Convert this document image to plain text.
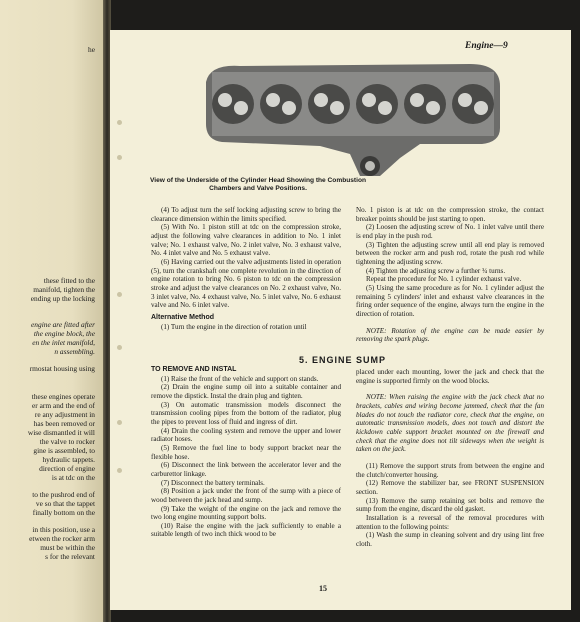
he
these fitted to the
manifold, tighten the
ending up the locking
engine are fitted after
the engine block, the
en the inlet manifold,
n assembling.
rmostat housing using
these engines operate
er arm and the end of
re any adjustment in
has been removed or
wise dismantled it will
the valve to rocker
gine is assembled, to
hydraulic tappets.
direction of engine
is at tdc on the
to the pushrod end of
ve so that the tappet
finally bottom on the
in this position, use a
etween the rocker arm
must be within the
s for the relevant
Engine—9
View of the Underside of the Cylinder Head Showing the Combustion Chambers and Valve Positions.

(4) To adjust turn the self locking adjusting screw to bring the clearance dimension within the limits specified.

(5) With No. 1 piston still at tdc on the compression stroke, adjust the following valve clearances in addition to No. 1 inlet valve; No. 1 exhaust valve, No. 2 inlet valve, No. 3 exhaust valve, No. 4 inlet valve and No. 5 exhaust valve.

(6) Having carried out the valve adjustments listed in operation (5), turn the crankshaft one complete revolution in the direction of engine rotation to bring No. 6 piston to tdc on the compression stroke and adjust the valve clearances on No. 2 exhaust valve, No. 3 inlet valve, No. 4 exhaust valve, No. 5 inlet valve, No. 6 exhaust valve and No. 6 inlet valve.

Alternative Method

(1) Turn the engine in the direction of rotation until

No. 1 piston is at tdc on the compression stroke, the contact breaker points should be just starting to open.

(2) Loosen the adjusting screw of No. 1 inlet valve until there is end play in the push rod.

(3) Tighten the adjusting screw until all end play is removed between the rocker arm and push rod, rotate the push rod while tightening the adjusting screw.

(4) Tighten the adjusting screw a further ¾ turns.

Repeat the procedure for No. 1 cylinder exhaust valve.

(5) Using the same procedure as for No. 1 cylinder adjust the remaining 5 cylinders' inlet and exhaust valve clearances in the firing order sequence of the engine, always turn the engine in the direction of rotation.

NOTE: Rotation of the engine can be made easier by removing the spark plugs.

5. ENGINE SUMP

TO REMOVE AND INSTAL

(1) Raise the front of the vehicle and support on stands.

(2) Drain the engine sump oil into a suitable container and remove the dipstick. Instal the drain plug and tighten.

(3) On automatic transmission models disconnect the transmission cooling pipes from the bottom of the radiator, plug the pipes to prevent loss of fluid and ingress of dirt.

(4) Drain the cooling system and remove the upper and lower radiator hoses.

(5) Remove the fuel line to body support bracket near the flexible hose.

(6) Disconnect the link between the accelerator lever and the carburettor linkage.

(7) Disconnect the battery terminals.

(8) Position a jack under the front of the sump with a piece of wood between the jack head and sump.

(9) Take the weight of the engine on the jack and remove the two long engine mounting support bolts.

(10) Raise the engine with the jack sufficiently to enable a suitable length of two inch thick wood to be

placed under each mounting, lower the jack and check that the engine is supported firmly on the wood blocks.

NOTE: When raising the engine with the jack check that no brackets, cables and wiring become jammed, check that the fan blades do not touch the radiator core, check that the engine, on automatic transmission models, does not touch and distort the kickdown cable support bracket mounted on the firewall and check that the engine does not tilt sideways when the weight is taken on the jack.

(11) Remove the support struts from between the engine and the clutch/converter housing.

(12) Remove the stabilizer bar, see FRONT SUSPENSION section.

(13) Remove the sump retaining set bolts and remove the sump from the engine, discard the old gasket.

Installation is a reversal of the removal procedures with attention to the following points:

(1) Wash the sump in cleaning solvent and dry using lint free cloth.

15
